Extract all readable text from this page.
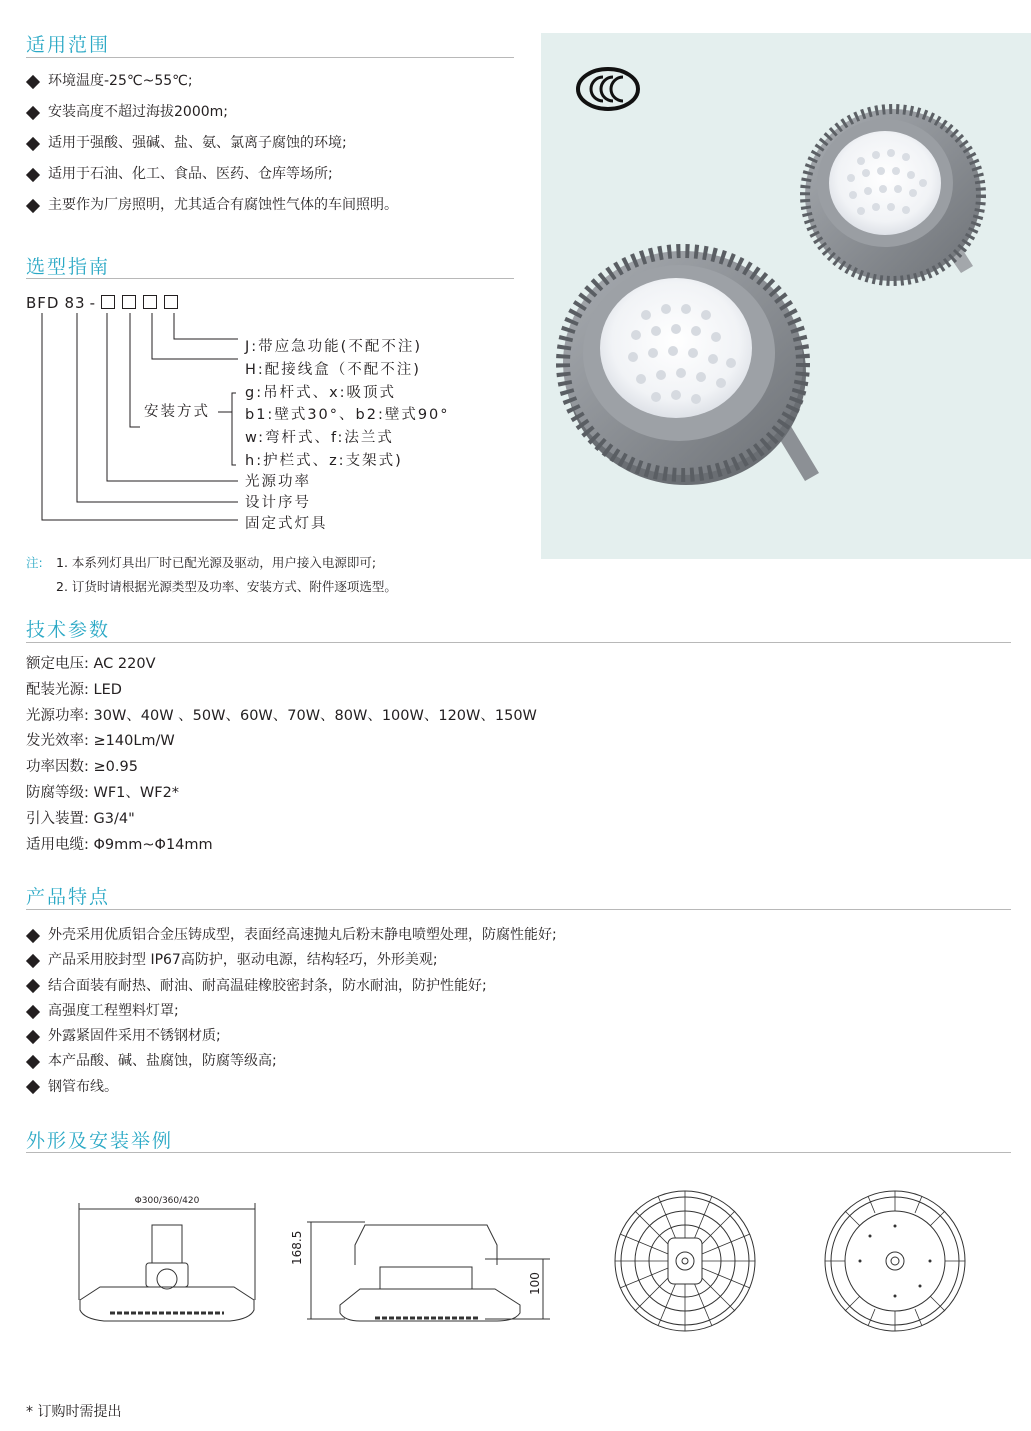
适用范围
环境温度-25℃~55℃;
安装高度不超过海拔2000m;
适用于强酸、强碱、盐、氨、氯离子腐蚀的环境;
适用于石油、化工、食品、医药、仓库等场所;
主要作为厂房照明，尤其适合有腐蚀性气体的车间照明。
选型指南
BFD 83 -
J:带应急功能(不配不注)
H:配接线盒（不配不注)
g:吊杆式、x:吸顶式
b1:壁式30°、b2:壁式90°
w:弯杆式、f:法兰式
h:护栏式、z:支架式)
安装方式
光源功率
设计序号
固定式灯具
注: 1. 本系列灯具出厂时已配光源及驱动，用户接入电源即可;
2. 订货时请根据光源类型及功率、安装方式、附件逐项选型。
技术参数
额定电压: AC 220V
配装光源: LED
光源功率: 30W、40W 、50W、60W、70W、80W、100W、120W、150W
发光效率: ≥140Lm/W
功率因数: ≥0.95
防腐等级: WF1、WF2*
引入装置: G3/4"
适用电缆: Φ9mm~Φ14mm
产品特点
外壳采用优质铝合金压铸成型，表面经高速抛丸后粉末静电喷塑处理，防腐性能好;
产品采用胶封型 IP67高防护，驱动电源，结构轻巧，外形美观;
结合面装有耐热、耐油、耐高温硅橡胶密封条，防水耐油，防护性能好;
高强度工程塑料灯罩;
外露紧固件采用不锈钢材质;
本产品酸、碱、盐腐蚀，防腐等级高;
钢管布线。
外形及安装举例
Φ300/360/420
168.5
100
* 订购时需提出
